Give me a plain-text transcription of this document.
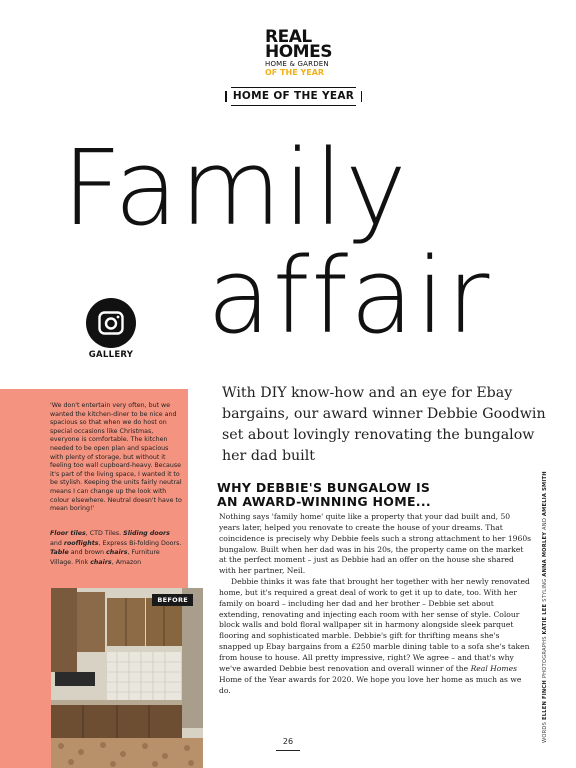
REAL
HOMES
HOME & GARDEN
OF THE YEAR
HOME OF THE YEAR
Family
affair
GALLERY
'We don't entertain very often, but we wanted the kitchen-diner to be nice and spacious so that when we do host on special occasions like Christmas, everyone is comfortable. The kitchen needed to be open plan and spacious with plenty of storage, but without it feeling too wall cupboard-heavy. Because it's part of the living space, I wanted it to be stylish. Keeping the units fairly neutral means I can change up the look with colour elsewhere. Neutral doesn't have to mean boring!'
Floor tiles, CTD Tiles. Sliding doors and rooflights, Express Bi-folding Doors. Table and brown chairs, Furniture Village. Pink chairs, Amazon
BEFORE
With DIY know-how and an eye for Ebay bargains, our award winner Debbie Goodwin set about lovingly renovating the bungalow her dad built
WHY DEBBIE'S BUNGALOW IS
AN AWARD-WINNING HOME...

Nothing says 'family home' quite like a property that your dad built and, 50 years later, helped you renovate to create the house of your dreams. That coincidence is precisely why Debbie feels such a strong attachment to her 1960s bungalow. Built when her dad was in his 20s, the property came on the market at the perfect moment – just as Debbie had an offer on the house she shared with her partner, Neil.

Debbie thinks it was fate that brought her together with her newly renovated home, but it's required a great deal of work to get it up to date, too. With her family on board – including her dad and her brother – Debbie set about extending, renovating and injecting each room with her sense of style. Colour block walls and bold floral wallpaper sit in harmony alongside sleek parquet flooring and sophisticated marble. Debbie's gift for thrifting means she's snapped up Ebay bargains from a £250 marble dining table to a sofa she's taken from house to house. All pretty impressive, right? We agree – and that's why we've awarded Debbie best renovation and overall winner of the Real Homes Home of the Year awards for 2020. We hope you love her home as much as we do.

WORDS ELLEN FINCH PHOTOGRAPHS KATIE LEE STYLING ANNA MORLEY AND AMELIA SMITH
26
